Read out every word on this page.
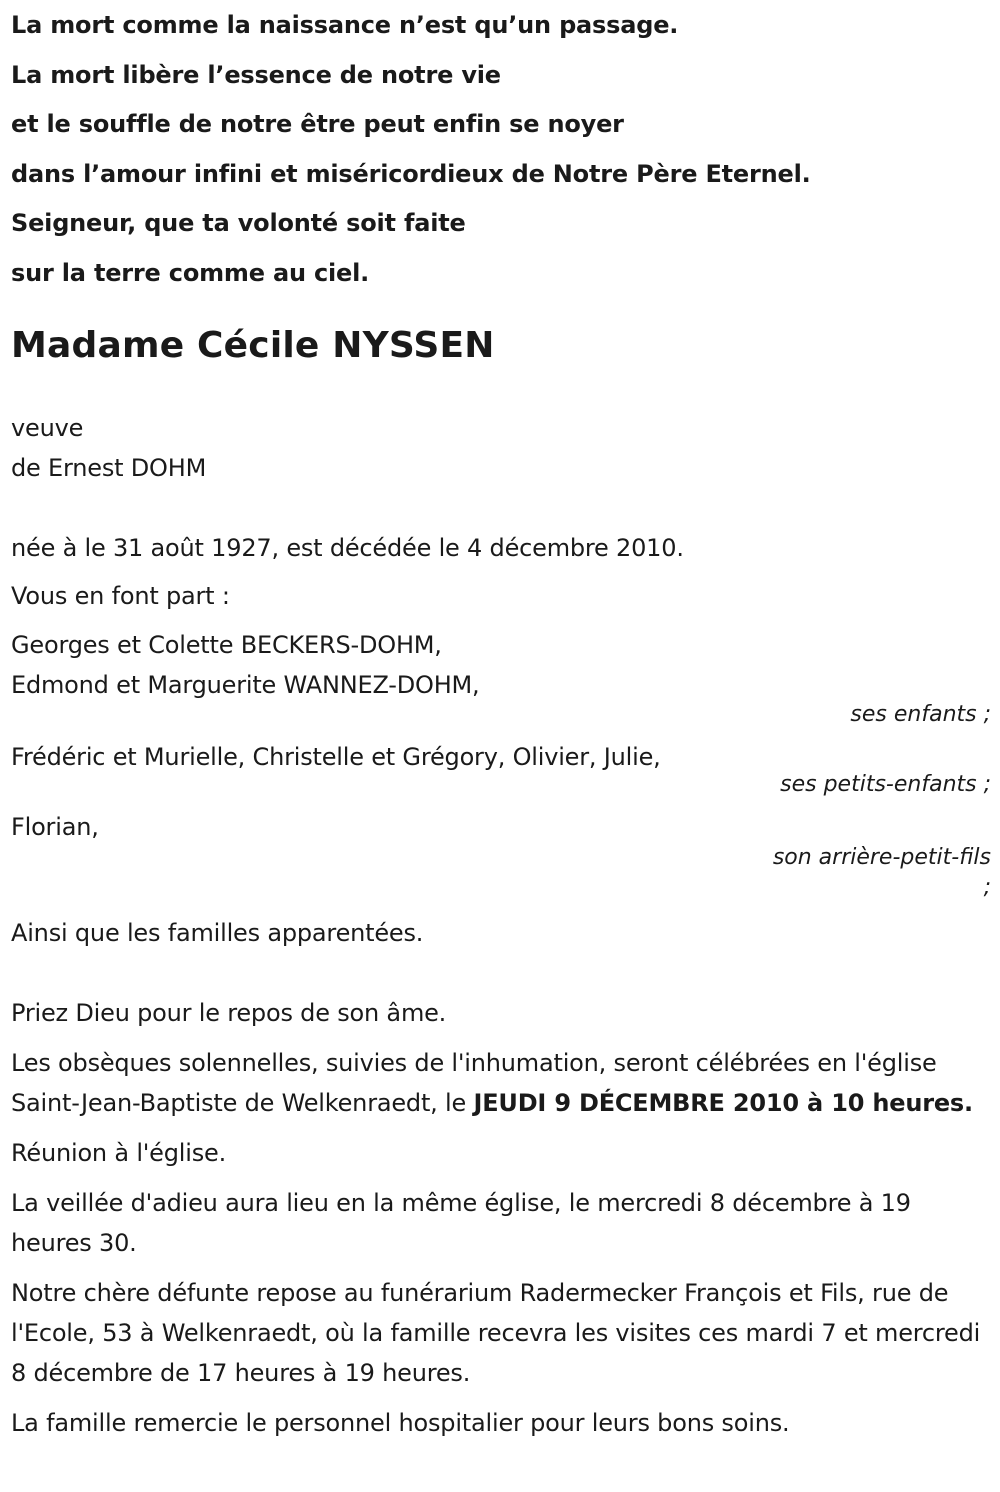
La mort comme la naissance n’est qu’un passage.
La mort libère l’essence de notre vie
et le souffle de notre être peut enfin se noyer
dans l’amour infini et miséricordieux de Notre Père Eternel.
Seigneur, que ta volonté soit faite
sur la terre comme au ciel.
Madame Cécile NYSSEN
veuve
de Ernest DOHM
née à le 31 août 1927, est décédée le 4 décembre 2010.
Vous en font part :
Georges et Colette BECKERS-DOHM,
Edmond et Marguerite WANNEZ-DOHM,
ses enfants ;
Frédéric et Murielle, Christelle et Grégory, Olivier, Julie,
ses petits-enfants ;
Florian,
son arrière-petit-fils
;
Ainsi que les familles apparentées.
Priez Dieu pour le repos de son âme.
Les obsèques solennelles, suivies de l'inhumation, seront célébrées en l'église Saint-Jean-Baptiste de Welkenraedt, le JEUDI 9 DÉCEMBRE 2010 à 10 heures.
Réunion à l'église.
La veillée d'adieu aura lieu en la même église, le mercredi 8 décembre à 19 heures 30.
Notre chère défunte repose au funérarium Radermecker François et Fils, rue de l'Ecole, 53 à Welkenraedt, où la famille recevra les visites ces mardi 7 et mercredi 8 décembre de 17 heures à 19 heures.
La famille remercie le personnel hospitalier pour leurs bons soins.
